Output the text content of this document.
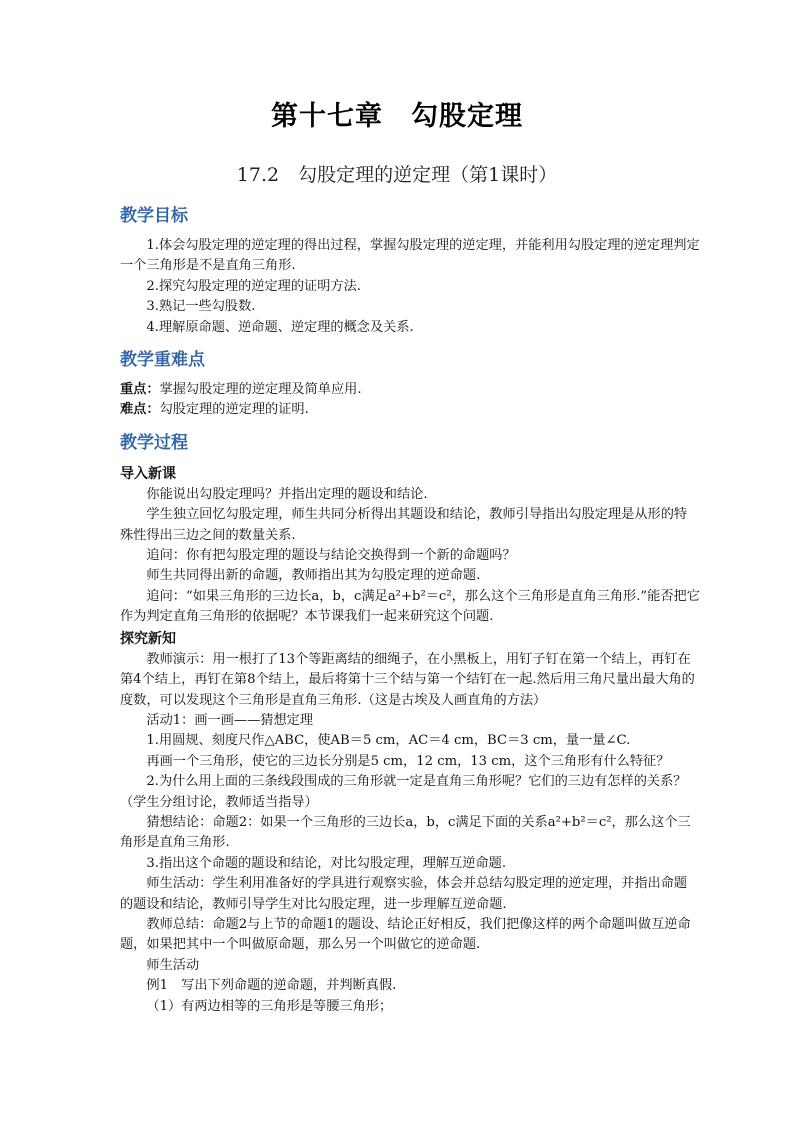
第十七章　勾股定理
17.2　勾股定理的逆定理（第1课时）
教学目标

1.体会勾股定理的逆定理的得出过程，掌握勾股定理的逆定理，并能利用勾股定理的逆定理判定一个三角形是不是直角三角形.

2.探究勾股定理的逆定理的证明方法.

3.熟记一些勾股数.

4.理解原命题、逆命题、逆定理的概念及关系.

教学重难点

重点：掌握勾股定理的逆定理及简单应用.

难点：勾股定理的逆定理的证明.

教学过程
导入新课

你能说出勾股定理吗？并指出定理的题设和结论.

学生独立回忆勾股定理，师生共同分析得出其题设和结论，教师引导指出勾股定理是从形的特殊性得出三边之间的数量关系.

追问：你有把勾股定理的题设与结论交换得到一个新的命题吗？

师生共同得出新的命题，教师指出其为勾股定理的逆命题.

追问：“如果三角形的三边长a，b，c满足a²+b²＝c²，那么这个三角形是直角三角形.”能否把它作为判定直角三角形的依据呢？本节课我们一起来研究这个问题.

探究新知

教师演示：用一根打了13个等距离结的细绳子，在小黑板上，用钉子钉在第一个结上，再钉在第4个结上，再钉在第8个结上，最后将第十三个结与第一个结钉在一起.然后用三角尺量出最大角的度数，可以发现这个三角形是直角三角形.（这是古埃及人画直角的方法）

活动1：画一画——猜想定理

1.用圆规、刻度尺作△ABC，使AB＝5 cm，AC＝4 cm，BC＝3 cm，量一量∠C.

再画一个三角形，使它的三边长分别是5 cm，12 cm，13 cm，这个三角形有什么特征？

2.为什么用上面的三条线段围成的三角形就一定是直角三角形呢？它们的三边有怎样的关系？（学生分组讨论，教师适当指导）

猜想结论：命题2：如果一个三角形的三边长a，b，c满足下面的关系a²+b²＝c²，那么这个三角形是直角三角形.

3.指出这个命题的题设和结论，对比勾股定理，理解互逆命题.

师生活动：学生利用准备好的学具进行观察实验，体会并总结勾股定理的逆定理，并指出命题的题设和结论，教师引导学生对比勾股定理，进一步理解互逆命题.

教师总结：命题2与上节的命题1的题设、结论正好相反，我们把像这样的两个命题叫做互逆命题，如果把其中一个叫做原命题，那么另一个叫做它的逆命题.

师生活动

例1　写出下列命题的逆命题，并判断真假.

（1）有两边相等的三角形是等腰三角形；
